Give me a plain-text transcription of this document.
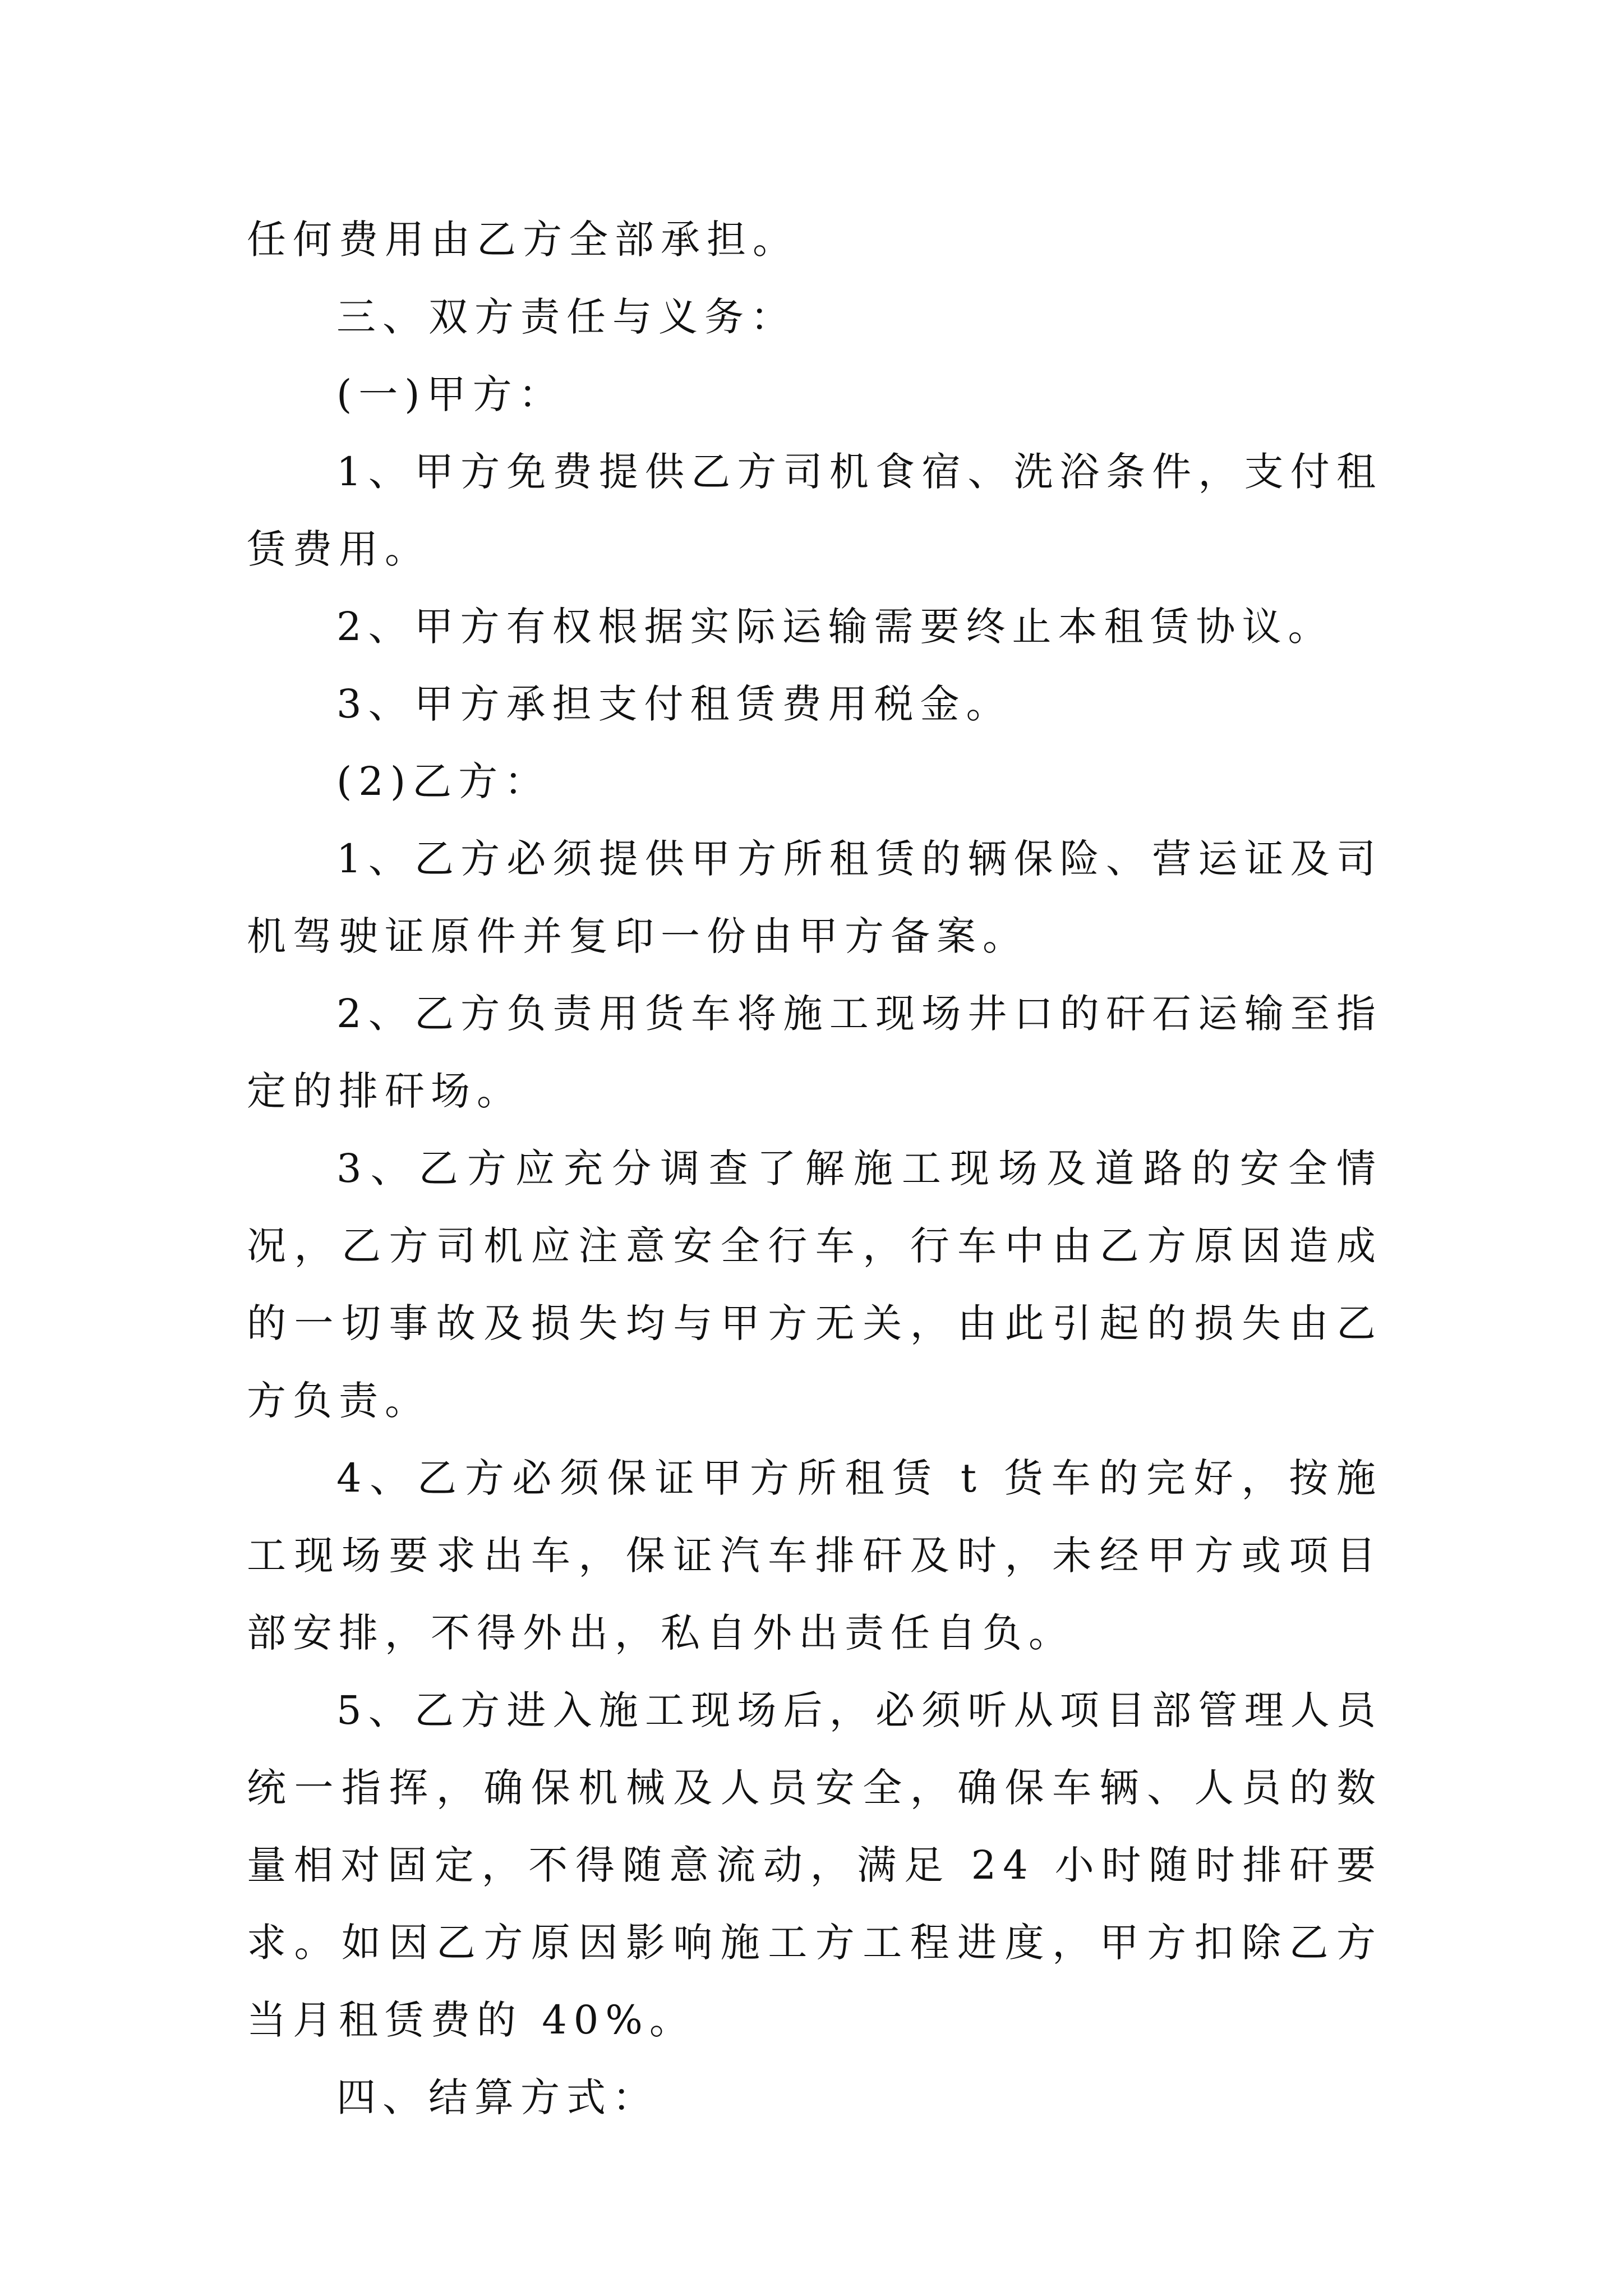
任何费用由乙方全部承担。

三、双方责任与义务：

(一)甲方：

1、甲方免费提供乙方司机食宿、洗浴条件，支付租赁费用。

2、甲方有权根据实际运输需要终止本租赁协议。

3、甲方承担支付租赁费用税金。

(2)乙方：

1、乙方必须提供甲方所租赁的辆保险、营运证及司机驾驶证原件并复印一份由甲方备案。

2、乙方负责用货车将施工现场井口的矸石运输至指定的排矸场。

3、乙方应充分调查了解施工现场及道路的安全情况，乙方司机应注意安全行车，行车中由乙方原因造成的一切事故及损失均与甲方无关，由此引起的损失由乙方负责。

4、乙方必须保证甲方所租赁 t 货车的完好，按施工现场要求出车，保证汽车排矸及时，未经甲方或项目部安排，不得外出，私自外出责任自负。

5、乙方进入施工现场后，必须听从项目部管理人员统一指挥，确保机械及人员安全，确保车辆、人员的数量相对固定，不得随意流动，满足 24 小时随时排矸要求。如因乙方原因影响施工方工程进度，甲方扣除乙方当月租赁费的 40%。

四、结算方式：
